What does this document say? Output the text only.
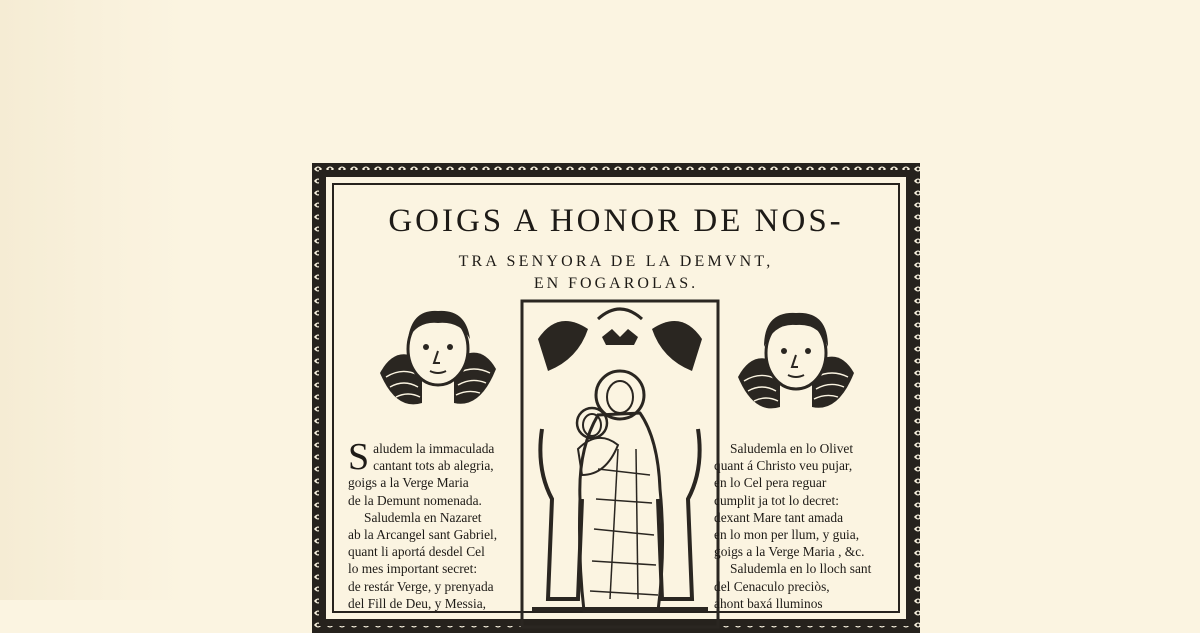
GOIGS A HONOR DE NOS-
TRA SENYORA DE LA DEMVNT,
EN FOGAROLAS.
S aludem la immaculada
cantant tots ab alegria,
goigs a la Verge Maria
de la Demunt nomenada.
Saludemla en Nazaret
ab la Arcangel sant Gabriel,
quant li aportá desdel Cel
lo mes important secret:
de restár Verge, y prenyada
del Fill de Deu, y Messia,
Saludemla en lo Olivet
quant á Christo veu pujar,
en lo Cel pera reguar
cumplit ja tot lo decret:
dexant Mare tant amada
en lo mon per llum, y guia,
goigs a la Verge Maria , &c.
Saludemla en lo lloch sant
del Cenaculo preciòs,
ahont baxá lluminos
